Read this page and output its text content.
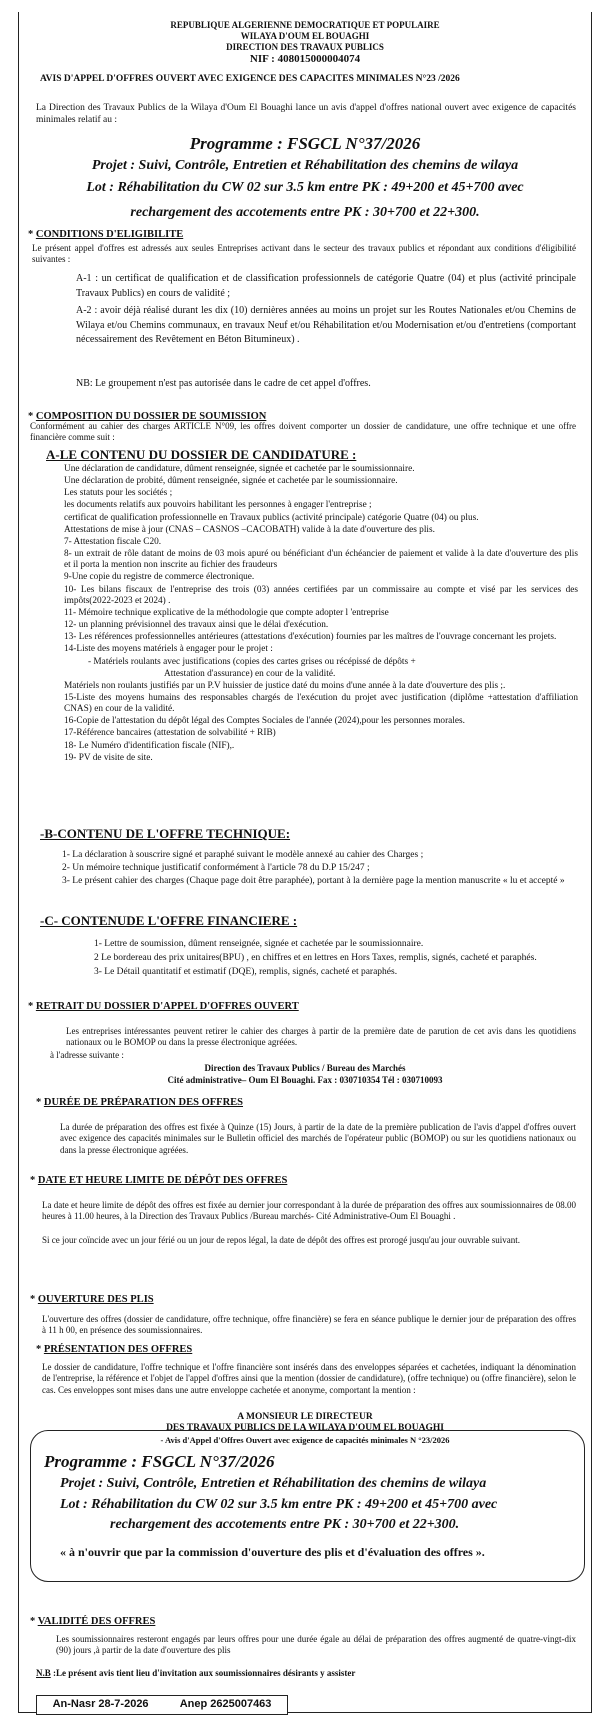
REPUBLIQUE ALGERIENNE DEMOCRATIQUE ET POPULAIRE
WILAYA D'OUM EL BOUAGHI
DIRECTION DES TRAVAUX PUBLICS
NIF : 408015000004074
AVIS D'APPEL D'OFFRES OUVERT AVEC EXIGENCE DES CAPACITES MINIMALES N°23 /2026
La Direction des Travaux Publics de la Wilaya d'Oum El Bouaghi lance un avis d'appel d'offres national ouvert avec exigence de capacités minimales relatif au :
Programme : FSGCL N°37/2026
Projet : Suivi, Contrôle, Entretien et Réhabilitation des chemins de wilaya
Lot : Réhabilitation du CW 02 sur 3.5 km entre PK : 49+200 et 45+700 avec
rechargement des accotements entre PK : 30+700 et 22+300.
* CONDITIONS D'ELIGIBILITE
Le présent appel d'offres est adressés aux seules Entreprises activant dans le secteur des travaux publics et répondant aux conditions d'éligibilité suivantes :
A-1 : un certificat de qualification et de classification professionnels de catégorie Quatre (04) et plus (activité principale Travaux Publics) en cours de validité ;
A-2 : avoir déjà réalisé durant les dix (10) dernières années au moins un projet sur les Routes Nationales et/ou Chemins de Wilaya et/ou Chemins communaux, en travaux Neuf et/ou Réhabilitation et/ou Modernisation et/ou d'entretiens (comportant nécessairement des Revêtement en Béton Bitumineux) .
NB: Le groupement n'est pas autorisée dans le cadre de cet appel d'offres.
* COMPOSITION DU DOSSIER DE SOUMISSION
Conformément au cahier des charges ARTICLE N°09, les offres doivent comporter un dossier de candidature, une offre technique et une offre financière comme suit :
A-LE CONTENU DU DOSSIER DE CANDIDATURE :

Une déclaration de candidature, dûment renseignée, signée et cachetée par le soumissionnaire.

Une déclaration de probité, dûment renseignée, signée et cachetée par le soumissionnaire.

Les statuts pour les sociétés ;

les documents relatifs aux pouvoirs habilitant les personnes à engager l'entreprise ;

certificat de qualification professionnelle en Travaux publics (activité principale) catégorie Quatre (04) ou plus.

Attestations de mise à jour (CNAS – CASNOS –CACOBATH) valide à la date d'ouverture des plis.

7- Attestation fiscale C20.

8- un extrait de rôle datant de moins de 03 mois apuré ou bénéficiant d'un échéancier de paiement et valide à la date d'ouverture des plis et il porta la mention non inscrite au fichier des fraudeurs

9-Une copie du registre de commerce électronique.

10- Les bilans fiscaux de l'entreprise des trois (03) années certifiées par un commissaire au compte et visé par les services des impôts(2022-2023 et 2024) .

11- Mémoire technique explicative de la méthodologie que compte adopter l 'entreprise

12- un planning prévisionnel des travaux ainsi que le délai d'exécution.

13- Les références professionnelles antérieures (attestations d'exécution) fournies par les maîtres de l'ouvrage concernant les projets.

14-Liste des moyens matériels à engager pour le projet :

- Matériels roulants avec justifications (copies des cartes grises ou récépissé de dépôts +

Attestation d'assurance) en cour de la validité.

Matériels non roulants justifiés par un P.V huissier de justice daté du moins d'une année à la date d'ouverture des plis ;.

15-Liste des moyens humains des responsables chargés de l'exécution du projet avec justification (diplôme +attestation d'affiliation CNAS) en cour de la validité.

16-Copie de l'attestation du dépôt légal des Comptes Sociales de l'année (2024),pour les personnes morales.

17-Référence bancaires (attestation de solvabilité + RIB)

18- Le Numéro d'identification fiscale (NIF),.

19- PV de visite de site.

-B-CONTENU DE L'OFFRE TECHNIQUE:

1- La déclaration à souscrire signé et paraphé suivant le modèle annexé au cahier des Charges ;

2- Un mémoire technique justificatif conformément à l'article 78 du D.P 15/247 ;

3- Le présent cahier des charges (Chaque page doit être paraphée), portant à la dernière page la mention manuscrite « lu et accepté »

-C- CONTENUDE L'OFFRE FINANCIERE :

1- Lettre de soumission, dûment renseignée, signée et cachetée par le soumissionnaire.

2 Le bordereau des prix unitaires(BPU) , en chiffres et en lettres en Hors Taxes, remplis, signés, cacheté et paraphés.

3- Le Détail quantitatif et estimatif (DQE), remplis, signés, cacheté et paraphés.

* RETRAIT DU DOSSIER D'APPEL D'OFFRES OUVERT
Les entreprises intéressantes peuvent retirer le cahier des charges à partir de la première date de parution de cet avis dans les quotidiens nationaux ou le BOMOP ou dans la presse électronique agréées.
à l'adresse suivante :
Direction des Travaux Publics / Bureau des Marchés
Cité administrative– Oum El Bouaghi. Fax : 030710354 Tél : 030710093
* DURÉE DE PRÉPARATION DES OFFRES
La durée de préparation des offres est fixée à Quinze (15) Jours, à partir de la date de la première publication de l'avis d'appel d'offres ouvert avec exigence des capacités minimales sur le Bulletin officiel des marchés de l'opérateur public (BOMOP) ou sur les quotidiens nationaux ou dans la presse électronique agréées.
* DATE ET HEURE LIMITE DE DÉPÔT DES OFFRES
La date et heure limite de dépôt des offres est fixée au dernier jour correspondant à la durée de préparation des offres aux soumissionnaires de 08.00 heures à 11.00 heures, à la Direction des Travaux Publics /Bureau marchés- Cité Administrative-Oum El Bouaghi .
Si ce jour coïncide avec un jour férié ou un jour de repos légal, la date de dépôt des offres est prorogé jusqu'au jour ouvrable suivant.
* OUVERTURE DES PLIS
L'ouverture des offres (dossier de candidature, offre technique, offre financière) se fera en séance publique le dernier jour de préparation des offres à 11 h 00, en présence des soumissionnaires.
* PRÉSENTATION DES OFFRES
Le dossier de candidature, l'offre technique et l'offre financière sont insérés dans des enveloppes séparées et cachetées, indiquant la dénomination de l'entreprise, la référence et l'objet de l'appel d'offres ainsi que la mention (dossier de candidature), (offre technique) ou (offre financière), selon le cas. Ces enveloppes sont mises dans une autre enveloppe cachetée et anonyme, comportant la mention :
A MONSIEUR LE DIRECTEUR
DES TRAVAUX PUBLICS DE LA WILAYA D'OUM EL BOUAGHI
- Avis d'Appel d'Offres Ouvert avec exigence de capacités minimales N °23/2026
Programme : FSGCL N°37/2026
Projet : Suivi, Contrôle, Entretien et Réhabilitation des chemins de wilaya
Lot : Réhabilitation du CW 02 sur 3.5 km entre PK : 49+200 et 45+700 avec
rechargement des accotements entre PK : 30+700 et 22+300.
« à n'ouvrir que par la commission d'ouverture des plis et d'évaluation des offres ».
* VALIDITÉ DES OFFRES
Les soumissionnaires resteront engagés par leurs offres pour une durée égale au délai de préparation des offres augmenté de quatre-vingt-dix (90) jours ,à partir de la date d'ouverture des plis
N.B :Le présent avis tient lieu d'invitation aux soumissionnaires désirants y assister
An-Nasr 28-7-2026	Anep 2625007463
